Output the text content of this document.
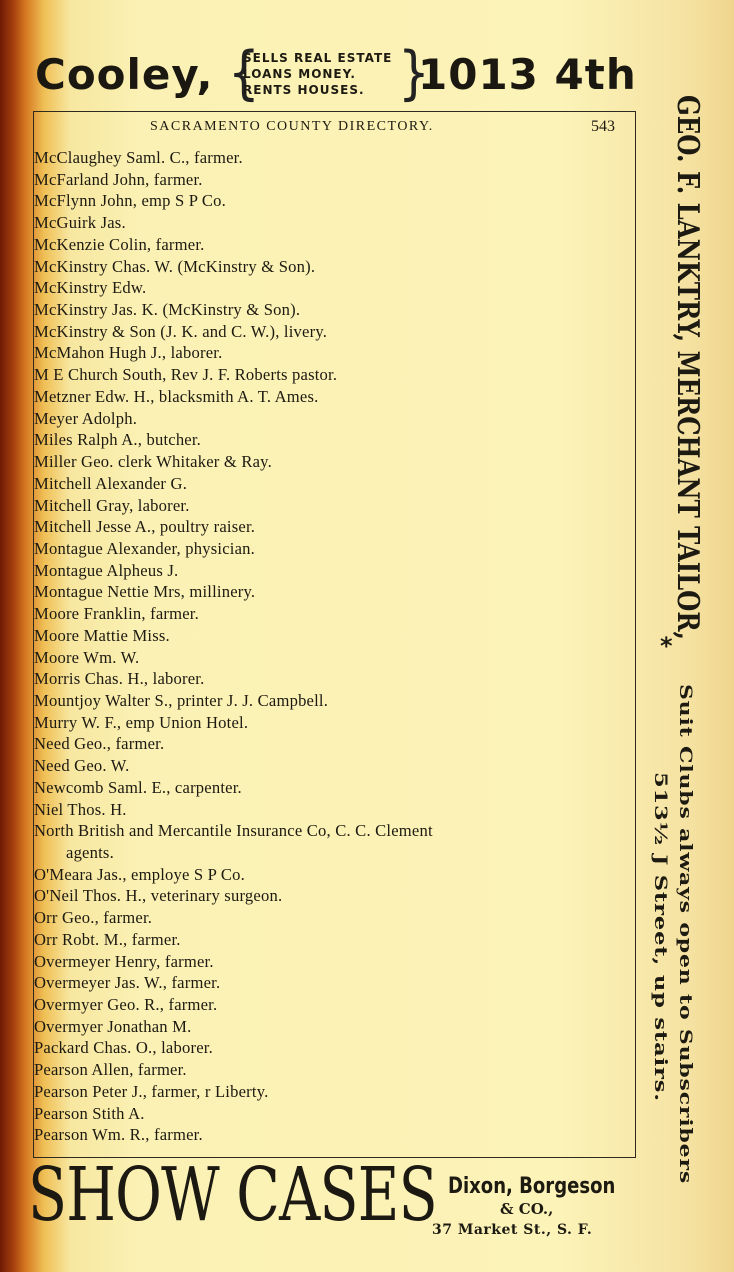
Cooley, {
SELLS REAL ESTATE
LOANS MONEY.
RENTS HOUSES. }
1013 4th
SACRAMENTO COUNTY DIRECTORY.	543
McClaughey Saml. C., farmer.
McFarland John, farmer.
McFlynn John, emp S P Co.
McGuirk Jas.
McKenzie Colin, farmer.
McKinstry Chas. W. (McKinstry & Son).
McKinstry Edw.
McKinstry Jas. K. (McKinstry & Son).
McKinstry & Son (J. K. and C. W.), livery.
McMahon Hugh J., laborer.
M E Church South, Rev J. F. Roberts pastor.
Metzner Edw. H., blacksmith A. T. Ames.
Meyer Adolph.
Miles Ralph A., butcher.
Miller Geo. clerk Whitaker & Ray.
Mitchell Alexander G.
Mitchell Gray, laborer.
Mitchell Jesse A., poultry raiser.
Montague Alexander, physician.
Montague Alpheus J.
Montague Nettie Mrs, millinery.
Moore Franklin, farmer.
Moore Mattie Miss.
Moore Wm. W.
Morris Chas. H., laborer.
Mountjoy Walter S., printer J. J. Campbell.
Murry W. F., emp Union Hotel.
Need Geo., farmer.
Need Geo. W.
Newcomb Saml. E., carpenter.
Niel Thos. H.
North British and Mercantile Insurance Co, C. C. Clement
agents.
O'Meara Jas., employe S P Co.
O'Neil Thos. H., veterinary surgeon.
Orr Geo., farmer.
Orr Robt. M., farmer.
Overmeyer Henry, farmer.
Overmeyer Jas. W., farmer.
Overmyer Geo. R., farmer.
Overmyer Jonathan M.
Packard Chas. O., laborer.
Pearson Allen, farmer.
Pearson Peter J., farmer, r Liberty.
Pearson Stith A.
Pearson Wm. R., farmer.
GEO. F. LANKTRY, MERCHANT TAILOR,
*
Suit Clubs always open to Subscribers
513½ J Street, up stairs.
SHOW CASES Dixon, Borgeson
& CO.,
37 Market St., S. F.
